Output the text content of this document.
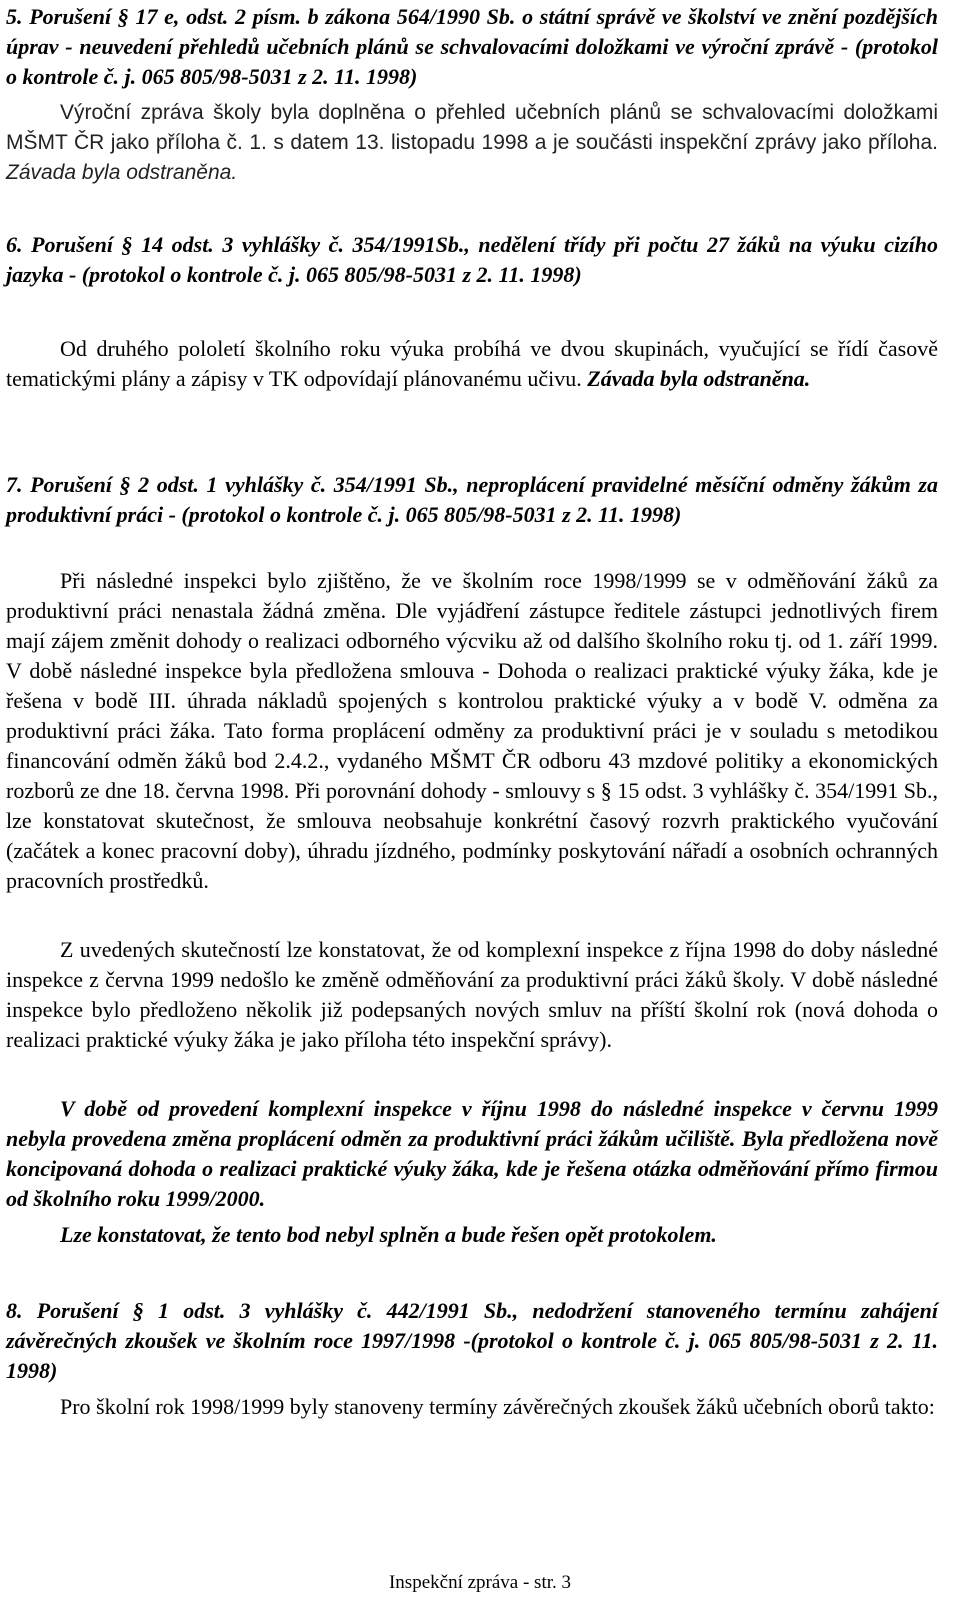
5. Porušení § 17 e, odst. 2 písm. b zákona 564/1990 Sb. o státní správě ve školství ve znění pozdějších úprav - neuvedení přehledů učebních plánů se schvalovacími doložkami ve výroční zprávě - (protokol o kontrole č. j. 065 805/98-5031 z 2. 11. 1998)

Výroční zpráva školy byla doplněna o přehled učebních plánů se schvalovacími doložkami MŠMT ČR jako příloha č. 1. s datem 13. listopadu 1998 a je součásti inspekční zprávy jako příloha. Závada byla odstraněna.

6. Porušení § 14 odst. 3 vyhlášky č. 354/1991Sb., nedělení třídy při počtu 27 žáků na výuku cizího jazyka - (protokol o kontrole č. j. 065 805/98-5031 z 2. 11. 1998)

Od druhého pololetí školního roku výuka probíhá ve dvou skupinách, vyučující se řídí časově tematickými plány a zápisy v TK odpovídají plánovanému učivu. Závada byla odstraněna.

7. Porušení § 2 odst. 1 vyhlášky č. 354/1991 Sb., neproplácení pravidelné měsíční odměny žákům za produktivní práci - (protokol o kontrole č. j. 065 805/98-5031 z 2. 11. 1998)

Při následné inspekci bylo zjištěno, že ve školním roce 1998/1999 se v odměňování žáků za produktivní práci nenastala žádná změna. Dle vyjádření zástupce ředitele zástupci jednotlivých firem mají zájem změnit dohody o realizaci odborného výcviku až od dalšího školního roku tj. od 1. září 1999. V době následné inspekce byla předložena smlouva - Dohoda o realizaci praktické výuky žáka, kde je řešena v bodě III. úhrada nákladů spojených s kontrolou praktické výuky a v bodě V. odměna za produktivní práci žáka. Tato forma proplácení odměny za produktivní práci je v souladu s metodikou financování odměn žáků bod 2.4.2., vydaného MŠMT ČR odboru 43 mzdové politiky a ekonomických rozborů ze dne 18. června 1998. Při porovnání dohody - smlouvy s § 15 odst. 3 vyhlášky č. 354/1991 Sb., lze konstatovat skutečnost, že smlouva neobsahuje konkrétní časový rozvrh praktického vyučování (začátek a konec pracovní doby), úhradu jízdného, podmínky poskytování nářadí a osobních ochranných pracovních prostředků.

Z uvedených skutečností lze konstatovat, že od komplexní inspekce z října 1998 do doby následné inspekce z června 1999 nedošlo ke změně odměňování za produktivní práci žáků školy. V době následné inspekce bylo předloženo několik již podepsaných nových smluv na příští školní rok (nová dohoda o realizaci praktické výuky žáka je jako příloha této inspekční správy).

V době od provedení komplexní inspekce v říjnu 1998 do následné inspekce v červnu 1999 nebyla provedena změna proplácení odměn za produktivní práci žákům učiliště. Byla předložena nově koncipovaná dohoda o realizaci praktické výuky žáka, kde je řešena otázka odměňování přímo firmou od školního roku 1999/2000.

Lze konstatovat, že tento bod nebyl splněn a bude řešen opět protokolem.

8. Porušení § 1 odst. 3 vyhlášky č. 442/1991 Sb., nedodržení stanoveného termínu zahájení závěrečných zkoušek ve školním roce 1997/1998 -(protokol o kontrole č. j. 065 805/98-5031 z 2. 11. 1998)

Pro školní rok 1998/1999 byly stanoveny termíny závěrečných zkoušek žáků učebních oborů takto:

Inspekční zpráva - str. 3
